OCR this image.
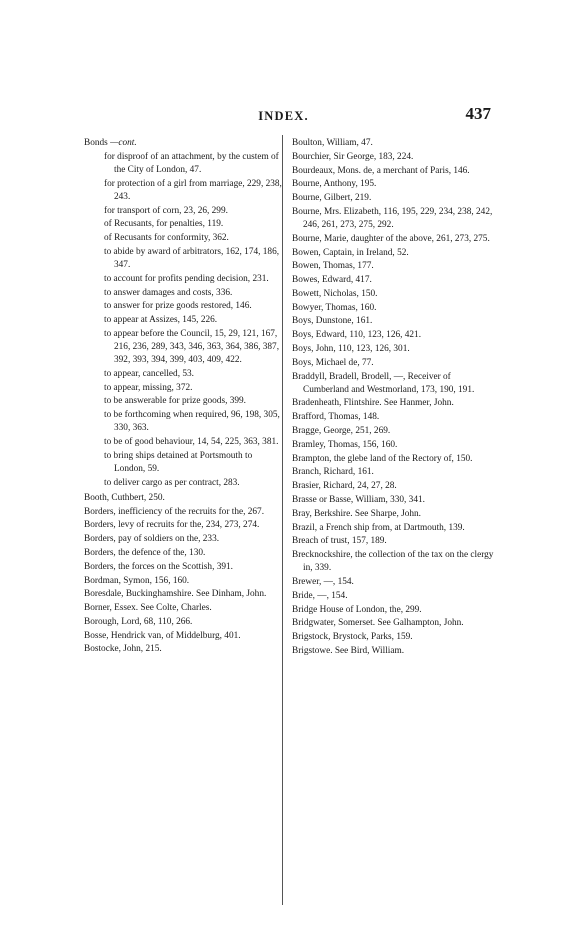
INDEX.	437
Bonds —cont.
for disproof of an attachment, by the custem of the City of London, 47.
for protection of a girl from marriage, 229, 238, 243.
for transport of corn, 23, 26, 299.
of Recusants, for penalties, 119.
of Recusants for conformity, 362.
to abide by award of arbitrators, 162, 174, 186, 347.
to account for profits pending decision, 231.
to answer damages and costs, 336.
to answer for prize goods restored, 146.
to appear at Assizes, 145, 226.
to appear before the Council, 15, 29, 121, 167, 216, 236, 289, 343, 346, 363, 364, 386, 387, 392, 393, 394, 399, 403, 409, 422.
to appear, cancelled, 53.
to appear, missing, 372.
to be answerable for prize goods, 399.
to be forthcoming when required, 96, 198, 305, 330, 363.
to be of good behaviour, 14, 54, 225, 363, 381.
to bring ships detained at Portsmouth to London, 59.
to deliver cargo as per contract, 283.
Booth, Cuthbert, 250.
Borders, inefficiency of the recruits for the, 267.
Borders, levy of recruits for the, 234, 273, 274.
Borders, pay of soldiers on the, 233.
Borders, the defence of the, 130.
Borders, the forces on the Scottish, 391.
Bordman, Symon, 156, 160.
Boresdale, Buckinghamshire. See Dinham, John.
Borner, Essex. See Colte, Charles.
Borough, Lord, 68, 110, 266.
Bosse, Hendrick van, of Middelburg, 401.
Bostocke, John, 215.
Boulton, William, 47.
Bourchier, Sir George, 183, 224.
Bourdeaux, Mons. de, a merchant of Paris, 146.
Bourne, Anthony, 195.
Bourne, Gilbert, 219.
Bourne, Mrs. Elizabeth, 116, 195, 229, 234, 238, 242, 246, 261, 273, 275, 292.
Bourne, Marie, daughter of the above, 261, 273, 275.
Bowen, Captain, in Ireland, 52.
Bowen, Thomas, 177.
Bowes, Edward, 417.
Bowett, Nicholas, 150.
Bowyer, Thomas, 160.
Boys, Dunstone, 161.
Boys, Edward, 110, 123, 126, 421.
Boys, John, 110, 123, 126, 301.
Boys, Michael de, 77.
Braddyll, Bradell, Brodell, —, Receiver of Cumberland and Westmorland, 173, 190, 191.
Bradenheath, Flintshire. See Hanmer, John.
Brafford, Thomas, 148.
Bragge, George, 251, 269.
Bramley, Thomas, 156, 160.
Brampton, the glebe land of the Rectory of, 150.
Branch, Richard, 161.
Brasier, Richard, 24, 27, 28.
Brasse or Basse, William, 330, 341.
Bray, Berkshire. See Sharpe, John.
Brazil, a French ship from, at Dartmouth, 139.
Breach of trust, 157, 189.
Brecknockshire, the collection of the tax on the clergy in, 339.
Brewer, —, 154.
Bride, —, 154.
Bridge House of London, the, 299.
Bridgwater, Somerset. See Galhampton, John.
Brigstock, Brystock, Parks, 159.
Brigstowe. See Bird, William.
